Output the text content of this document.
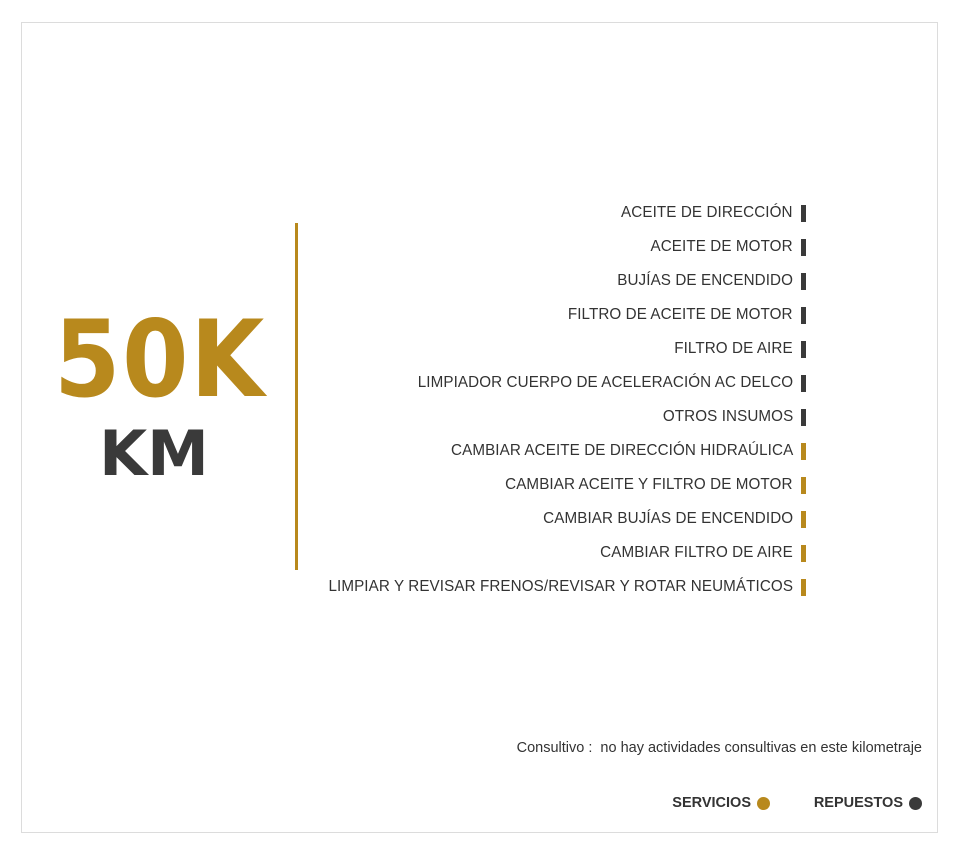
50K
KM
ACEITE DE DIRECCIÓN
ACEITE DE MOTOR
BUJÍAS DE ENCENDIDO
FILTRO DE ACEITE DE MOTOR
FILTRO DE AIRE
LIMPIADOR CUERPO DE ACELERACIÓN AC DELCO
OTROS INSUMOS
CAMBIAR ACEITE DE DIRECCIÓN HIDRAÚLICA
CAMBIAR ACEITE Y FILTRO DE MOTOR
CAMBIAR BUJÍAS DE ENCENDIDO
CAMBIAR FILTRO DE AIRE
LIMPIAR Y REVISAR FRENOS/REVISAR Y ROTAR NEUMÁTICOS
Consultivo :  no hay actividades consultivas en este kilometraje
SERVICIOS	REPUESTOS
